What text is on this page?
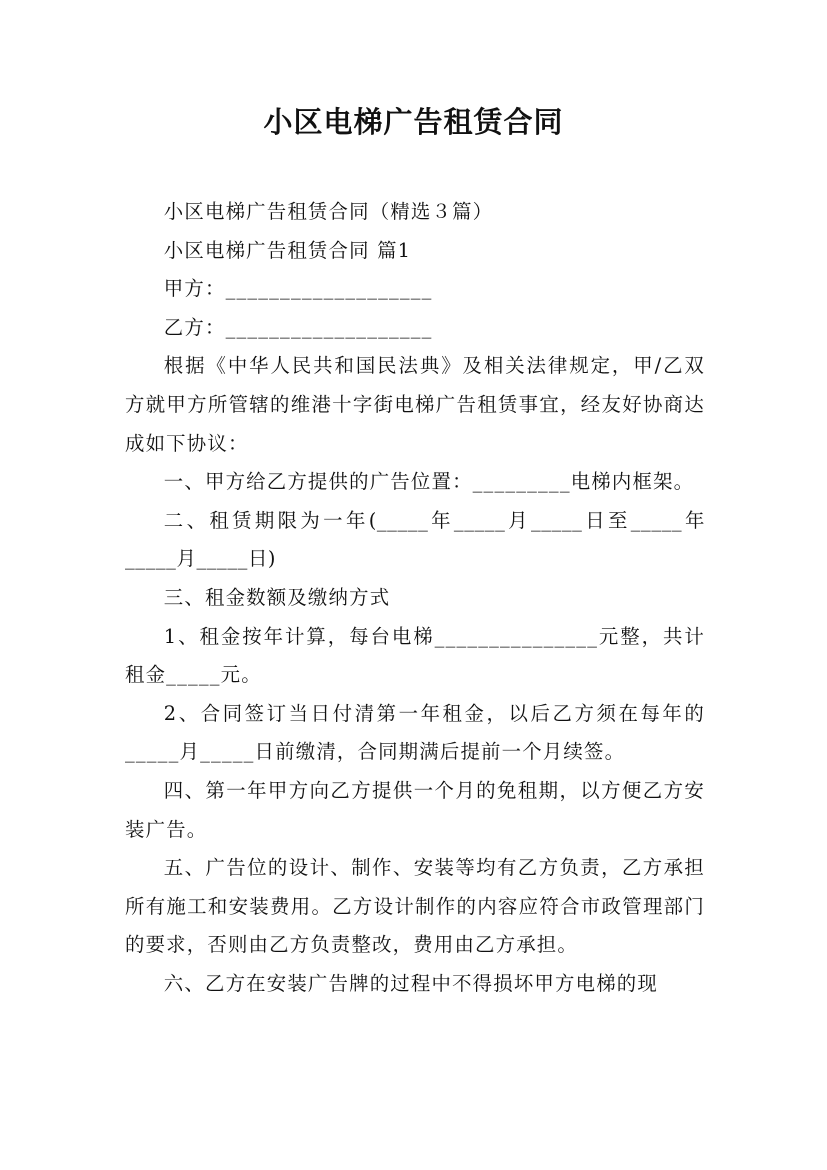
小区电梯广告租赁合同

小区电梯广告租赁合同（精选３篇）

小区电梯广告租赁合同 篇1

甲方：___________________

乙方：___________________

根据《中华人民共和国民法典》及相关法律规定，甲/乙双方就甲方所管辖的维港十字街电梯广告租赁事宜，经友好协商达成如下协议：

一、甲方给乙方提供的广告位置：_________电梯内框架。

二、租赁期限为一年(_____年_____月_____日至_____年_____月_____日)

三、租金数额及缴纳方式

1、租金按年计算，每台电梯_______________元整，共计租金_____元。

2、合同签订当日付清第一年租金，以后乙方须在每年的_____月_____日前缴清，合同期满后提前一个月续签。

四、第一年甲方向乙方提供一个月的免租期，以方便乙方安装广告。

五、广告位的设计、制作、安装等均有乙方负责，乙方承担所有施工和安装费用。乙方设计制作的内容应符合市政管理部门的要求，否则由乙方负责整改，费用由乙方承担。

六、乙方在安装广告牌的过程中不得损坏甲方电梯的现
